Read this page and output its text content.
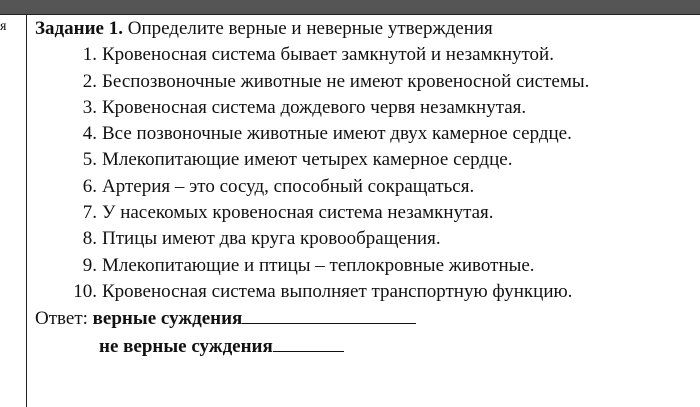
я Задание 1. Определите верные и неверные утверждения
1. Кровеносная система бывает замкнутой и незамкнутой.
2. Беспозвоночные животные не имеют кровеносной системы.
3. Кровеносная система дождевого червя незамкнутая.
4. Все позвоночные животные имеют двух камерное сердце.
5. Млекопитающие имеют четырех камерное сердце.
6. Артерия – это сосуд, способный сокращаться.
7. У насекомых кровеносная система незамкнутая.
8. Птицы имеют два круга кровообращения.
9. Млекопитающие и птицы – теплокровные животные.
10. Кровеносная система выполняет транспортную функцию.
Ответ: верные суждения
не верные суждения
